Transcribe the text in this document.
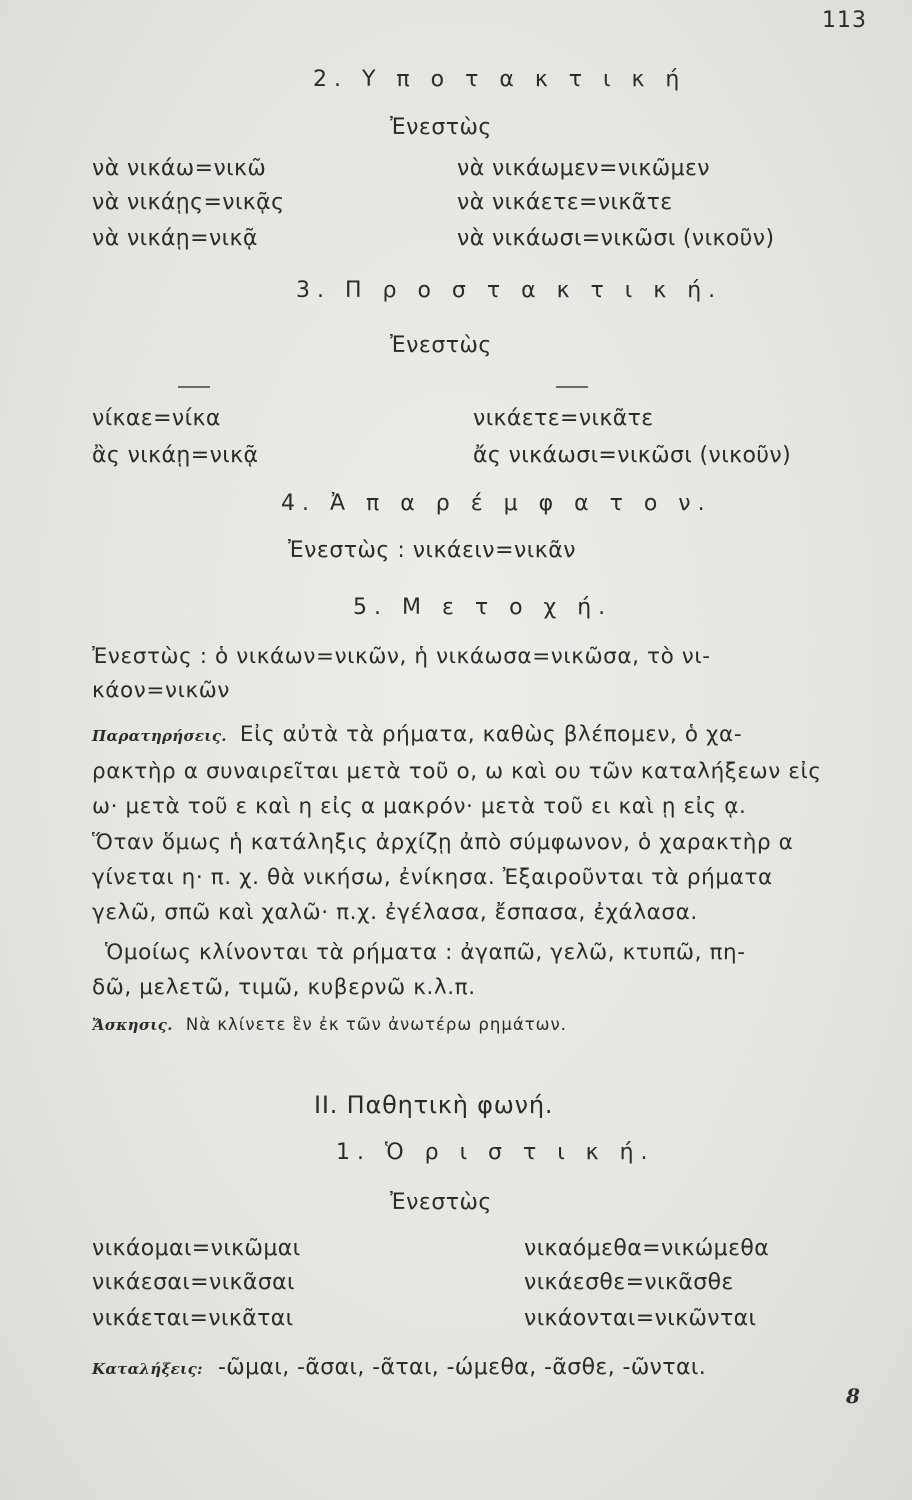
113
2. Υ π ο τ α κ τ ι κ ή
Ἐνεστὼς
νὰ νικάω=νικῶ
νὰ νικάῃς=νικᾷς
νὰ νικάῃ=νικᾷ
νὰ νικάωμεν=νικῶμεν
νὰ νικάετε=νικᾶτε
νὰ νικάωσι=νικῶσι (νικοῦν)
3. Π ρ ο σ τ α κ τ ι κ ή.
Ἐνεστὼς
νίκαε=νίκα
ἂς νικάῃ=νικᾷ
νικάετε=νικᾶτε
ἄς νικάωσι=νικῶσι (νικοῦν)
4. Ἀ π α ρ έ μ φ α τ ο ν.
Ἐνεστὼς : νικάειν=νικᾶν
5. Μ ε τ ο χ ή.
Ἐνεστὼς : ὁ νικάων=νικῶν, ἡ νικάωσα=νικῶσα, τὸ νι-
κάον=νικῶν
Παρατηρήσεις. Εἰς αὐτὰ τὰ ρήματα, καθὼς βλέπομεν, ὁ χα-
ρακτὴρ α συναιρεῖται μετὰ τοῦ ο, ω καὶ ου τῶν καταλήξεων εἰς
ω· μετὰ τοῦ ε καὶ η εἰς α μακρόν· μετὰ τοῦ ει καὶ ῃ εἰς ᾳ.
Ὅταν ὅμως ἡ κατάληξις ἀρχίζῃ ἀπὸ σύμφωνον, ὁ χαρακτὴρ α
γίνεται η· π. χ. θὰ νικήσω, ἐνίκησα. Ἐξαιροῦνται τὰ ρήματα
γελῶ, σπῶ καὶ χαλῶ· π.χ. ἐγέλασα, ἔσπασα, ἐχάλασα.
Ὁμοίως κλίνονται τὰ ρήματα : ἀγαπῶ, γελῶ, κτυπῶ, πη-
δῶ, μελετῶ, τιμῶ, κυβερνῶ κ.λ.π.
Ἄσκησις. Νὰ κλίνετε ἓν ἐκ τῶν ἀνωτέρω ρημάτων.
II. Παθητικὴ φωνή.
1. Ὁ ρ ι σ τ ι κ ή.
Ἐνεστὼς
νικάομαι=νικῶμαι
νικάεσαι=νικᾶσαι
νικάεται=νικᾶται
νικαόμεθα=νικώμεθα
νικάεσθε=νικᾶσθε
νικάονται=νικῶνται
Καταλήξεις: -ῶμαι, -ᾶσαι, -ᾶται, -ώμεθα, -ᾶσθε, -ῶνται.
8
